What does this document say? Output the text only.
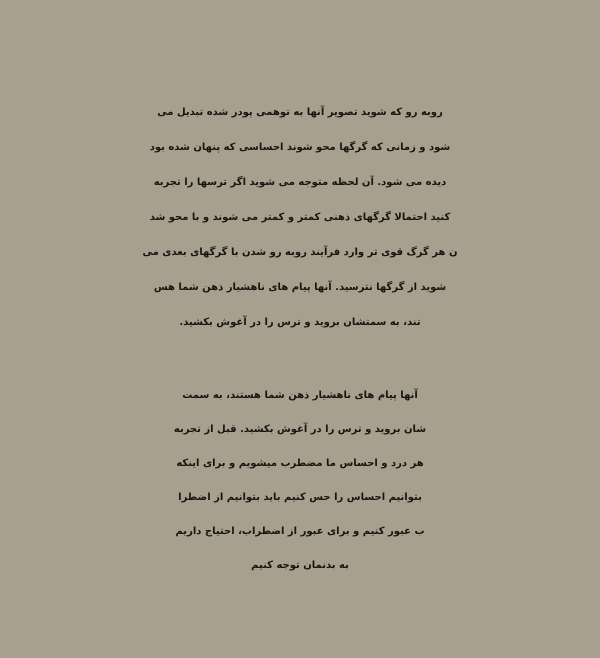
روبه رو که شوید تصویر آنها به توهمی پودر شده تبدیل می
شود و زمانی که گرگها محو شوند احساسی که پنهان شده بود
دیده می شود. آن لحظه متوجه می شوید اگر ترسها را تجربه
کنید احتمالا گرگهای ذهنی کمتر و کمتر می شوند و با محو شد
ن هر گرگ قوی تر وارد فرآیند روبه رو شدن با گرگهای بعدی می
شوید از گرگها نترسید. آنها پیام های ناهشیار ذهن شما هس
تند، به سمتشان بروید و ترس را در آغوش بکشید.
آنها پیام های ناهشیار ذهن شما هستند، به سمت
شان بروید و ترس را در آغوش بکشید. قبل از تجربه
هر درد و احساس ما مضطرب میشویم و برای اینکه
بتوانیم احساس را حس کنیم باید بتوانیم از اضطرا
ب عبور کنیم و برای عبور از اضطراب، احتیاج داریم
به بدنمان توجه کنیم
